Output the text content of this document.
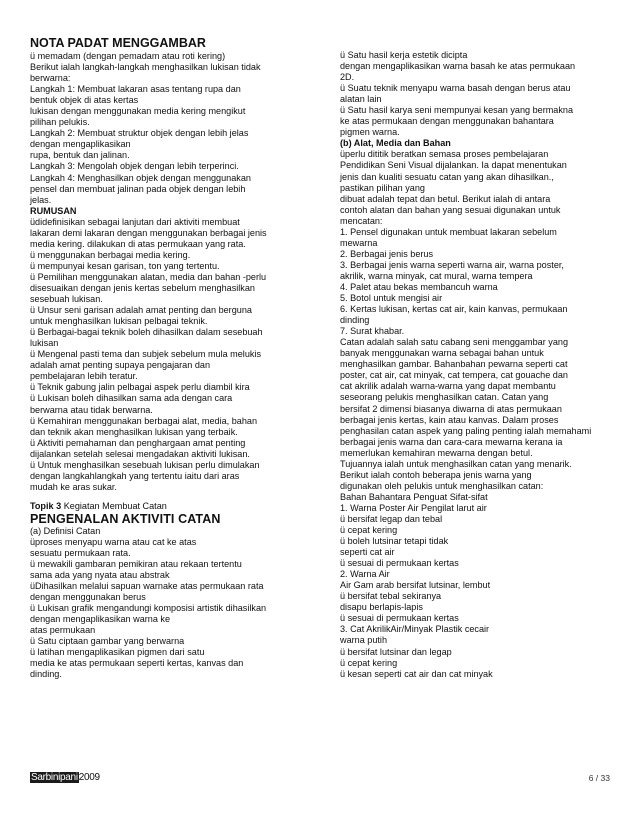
NOTA PADAT MENGGAMBAR
ü memadam (dengan pemadam atau roti kering)
Berikut ialah langkah-langkah menghasilkan lukisan tidak
berwarna:
Langkah 1: Membuat lakaran asas tentang rupa dan
bentuk objek di atas kertas
lukisan dengan menggunakan media kering mengikut
pilihan pelukis.
Langkah 2: Membuat struktur objek dengan lebih jelas
dengan mengaplikasikan
rupa, bentuk dan jalinan.
Langkah 3: Mengolah objek dengan lebih terperinci.
Langkah 4: Menghasilkan objek dengan menggunakan
pensel dan membuat jalinan pada objek dengan lebih
jelas.
RUMUSAN
üdidefinisikan sebagai lanjutan dari aktiviti membuat
lakaran demi lakaran dengan menggunakan berbagai jenis
media kering. dilakukan di atas permukaan yang rata.
ü menggunakan berbagai media kering.
ü mempunyai kesan garisan, ton yang tertentu.
ü Pemilihan menggunakan alatan, media dan bahan -perlu
disesuaikan dengan jenis kertas sebelum menghasilkan
sesebuah lukisan.
ü Unsur seni garisan adalah amat penting dan berguna
untuk menghasilkan lukisan pelbagai teknik.
ü Berbagai-bagai teknik boleh dihasilkan dalam sesebuah
lukisan
ü Mengenal pasti tema dan subjek sebelum mula melukis
adalah amat penting supaya pengajaran dan
pembelajaran lebih teratur.
ü Teknik gabung jalin pelbagai aspek perlu diambil kira
ü Lukisan boleh dihasilkan sama ada dengan cara
berwarna atau tidak berwarna.
ü Kemahiran menggunakan berbagai alat, media, bahan
dan teknik akan menghasilkan lukisan yang terbaik.
ü Aktiviti pemahaman dan penghargaan amat penting
dijalankan setelah selesai mengadakan aktiviti lukisan.
ü Untuk menghasilkan sesebuah lukisan perlu dimulakan
dengan langkahlangkah yang tertentu iaitu dari aras
mudah ke aras sukar.
Topik 3 Kegiatan Membuat Catan
PENGENALAN AKTIVITI CATAN
(a) Definisi Catan
üproses menyapu warna atau cat ke atas
sesuatu permukaan rata.
ü mewakili gambaran pemikiran atau rekaan tertentu
sama ada yang nyata atau abstrak
üDihasilkan melalui sapuan warnake atas permukaan rata
dengan menggunakan berus
ü Lukisan grafik mengandungi komposisi artistik dihasilkan
dengan mengaplikasikan warna ke
atas permukaan
ü Satu ciptaan gambar yang berwarna
ü latihan mengaplikasikan pigmen dari satu
media ke atas permukaan seperti kertas, kanvas dan
dinding.
ü Satu hasil kerja estetik dicipta
dengan mengaplikasikan warna basah ke atas permukaan
2D.
ü Suatu teknik menyapu warna basah dengan berus atau
alatan lain
ü Satu hasil karya seni mempunyai kesan yang bermakna
ke atas permukaan dengan menggunakan bahantara
pigmen warna.
(b) Alat, Media dan Bahan
üperlu dititik beratkan semasa proses pembelajaran
Pendidikan Seni Visual dijalankan. Ia dapat menentukan
jenis dan kualiti sesuatu catan yang akan dihasilkan.,
pastikan pilihan yang
dibuat adalah tepat dan betul. Berikut ialah di antara
contoh alatan dan bahan yang sesuai digunakan untuk
mencatan:
1. Pensel digunakan untuk membuat lakaran sebelum
mewarna
2. Berbagai jenis berus
3. Berbagai jenis warna seperti warna air, warna poster,
akrilik, warna minyak, cat mural, warna tempera
4. Palet atau bekas membancuh warna
5. Botol untuk mengisi air
6. Kertas lukisan, kertas cat air, kain kanvas, permukaan
dinding
7. Surat khabar.
Catan adalah salah satu cabang seni menggambar yang
banyak menggunakan warna sebagai bahan untuk
menghasilkan gambar. Bahanbahan pewarna seperti cat
poster, cat air, cat minyak, cat tempera, cat gouache dan
cat akrilik adalah warna-warna yang dapat membantu
seseorang pelukis menghasilkan catan. Catan yang
bersifat 2 dimensi biasanya diwarna di atas permukaan
berbagai jenis kertas, kain atau kanvas. Dalam proses
penghasilan catan aspek yang paling penting ialah memahami
berbagai jenis warna dan cara-cara mewarna kerana ia
memerlukan kemahiran mewarna dengan betul.
Tujuannya ialah untuk menghasilkan catan yang menarik.
Berikut ialah contoh beberapa jenis warna yang
digunakan oleh pelukis untuk menghasilkan catan:
Bahan Bahantara Penguat Sifat-sifat
1. Warna Poster Air Pengilat larut air
ü bersifat legap dan tebal
ü cepat kering
ü boleh lutsinar tetapi tidak
seperti cat air
ü sesuai di permukaan kertas
2. Warna Air
Air Gam arab bersifat lutsinar, lembut
ü bersifat tebal sekiranya
disapu berlapis-lapis
ü sesuai di permukaan kertas
3. Cat AkrilikAir/Minyak Plastik cecair
warna putih
ü bersifat lutsinar dan legap
ü cepat kering
ü kesan seperti cat air dan cat minyak
Sarbinipani2009	6 / 33
